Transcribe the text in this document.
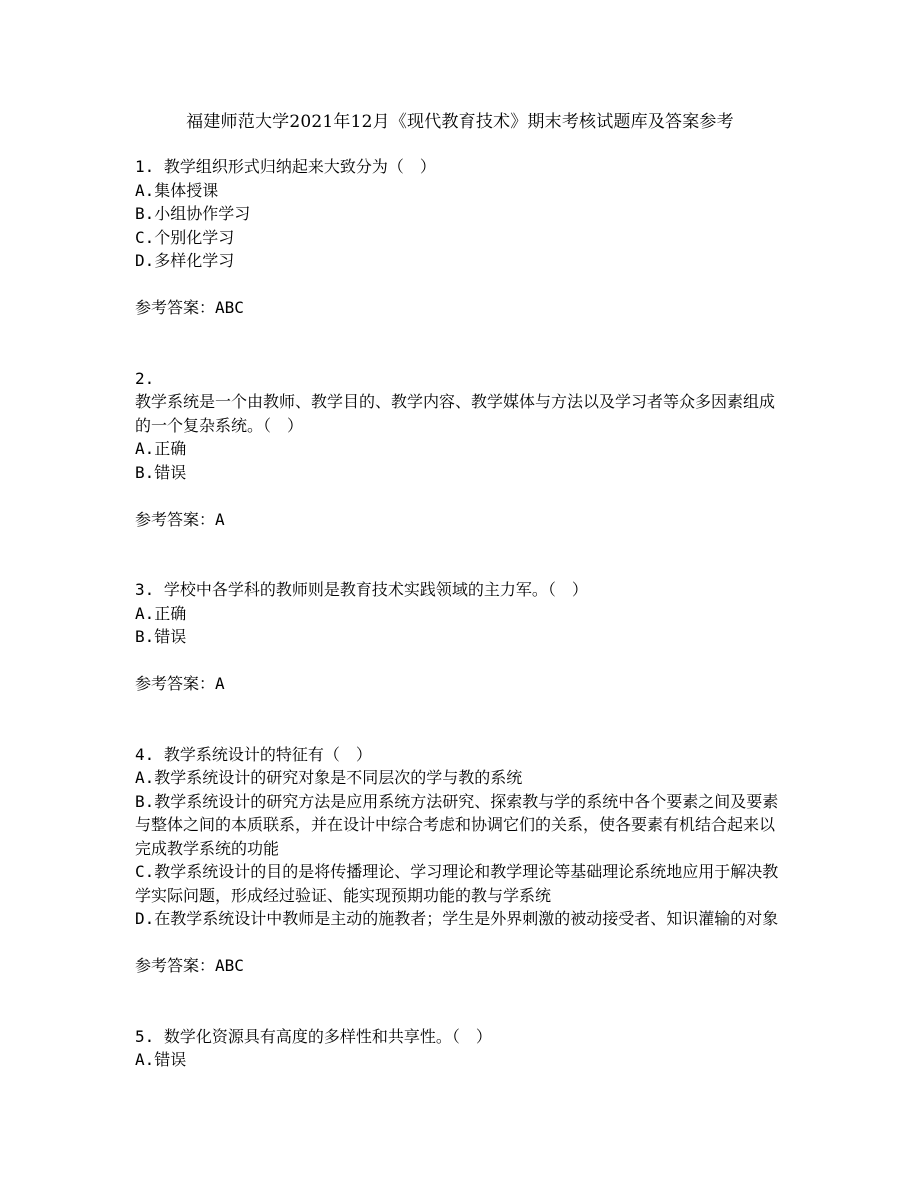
福建师范大学2021年12月《现代教育技术》期末考核试题库及答案参考
1. 教学组织形式归纳起来大致分为（　）
A.集体授课
B.小组协作学习
C.个别化学习
D.多样化学习
参考答案：ABC
2.
教学系统是一个由教师、教学目的、教学内容、教学媒体与方法以及学习者等众多因素组成的一个复杂系统。（　）
A.正确
B.错误
参考答案：A
3. 学校中各学科的教师则是教育技术实践领域的主力军。（　）
A.正确
B.错误
参考答案：A
4. 教学系统设计的特征有（　）
A.教学系统设计的研究对象是不同层次的学与教的系统
B.教学系统设计的研究方法是应用系统方法研究、探索教与学的系统中各个要素之间及要素与整体之间的本质联系，并在设计中综合考虑和协调它们的关系，使各要素有机结合起来以完成教学系统的功能
C.教学系统设计的目的是将传播理论、学习理论和教学理论等基础理论系统地应用于解决教学实际问题，形成经过验证、能实现预期功能的教与学系统
D.在教学系统设计中教师是主动的施教者；学生是外界刺激的被动接受者、知识灌输的对象
参考答案：ABC
5. 数学化资源具有高度的多样性和共享性。（　）
A.错误
